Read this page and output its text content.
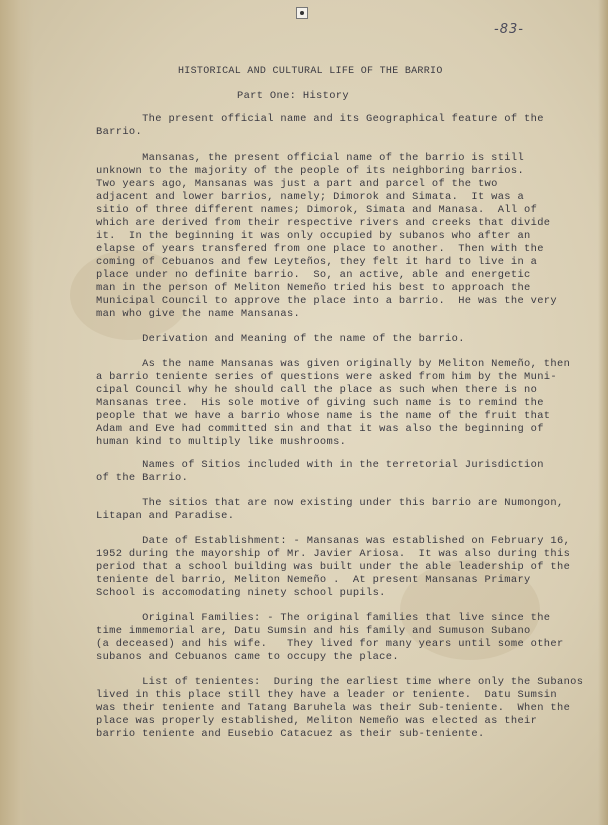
-83-
HISTORICAL AND CULTURAL LIFE OF THE BARRIO
Part One: History
The present official name and its Geographical feature of the
Barrio.
Mansanas, the present official name of the barrio is still
unknown to the majority of the people of its neighboring barrios.
Two years ago, Mansanas was just a part and parcel of the two
adjacent and lower barrios, namely; Dimorok and Simata.  It was a
sitio of three different names; Dimorok, Simata and Manasa.  All of
which are derived from their respective rivers and creeks that divide
it.  In the beginning it was only occupied by subanos who after an
elapse of years transfered from one place to another.  Then with the
coming of Cebuanos and few Leyteños, they felt it hard to live in a
place under no definite barrio.  So, an active, able and energetic
man in the person of Meliton Nemeño tried his best to approach the
Municipal Council to approve the place into a barrio.  He was the very
man who give the name Mansanas.
Derivation and Meaning of the name of the barrio.
As the name Mansanas was given originally by Meliton Nemeño, then
a barrio teniente series of questions were asked from him by the Muni-
cipal Council why he should call the place as such when there is no
Mansanas tree.  His sole motive of giving such name is to remind the
people that we have a barrio whose name is the name of the fruit that
Adam and Eve had committed sin and that it was also the beginning of
human kind to multiply like mushrooms.
Names of Sitios included with in the terretorial Jurisdiction
of the Barrio.
The sitios that are now existing under this barrio are Numongon,
Litapan and Paradise.
Date of Establishment: - Mansanas was established on February 16,
1952 during the mayorship of Mr. Javier Ariosa.  It was also during this
period that a school building was built under the able leadership of the
teniente del barrio, Meliton Nemeño .  At present Mansanas Primary
School is accomodating ninety school pupils.
Original Families: - The original families that live since the
time immemorial are, Datu Sumsin and his family and Sumuson Subano
(a deceased) and his wife.   They lived for many years until some other
subanos and Cebuanos came to occupy the place.
List of tenientes:  During the earliest time where only the Subanos
lived in this place still they have a leader or teniente.  Datu Sumsin
was their teniente and Tatang Baruhela was their Sub-teniente.  When the
place was properly established, Meliton Nemeño was elected as their
barrio teniente and Eusebio Catacuez as their sub-teniente.
